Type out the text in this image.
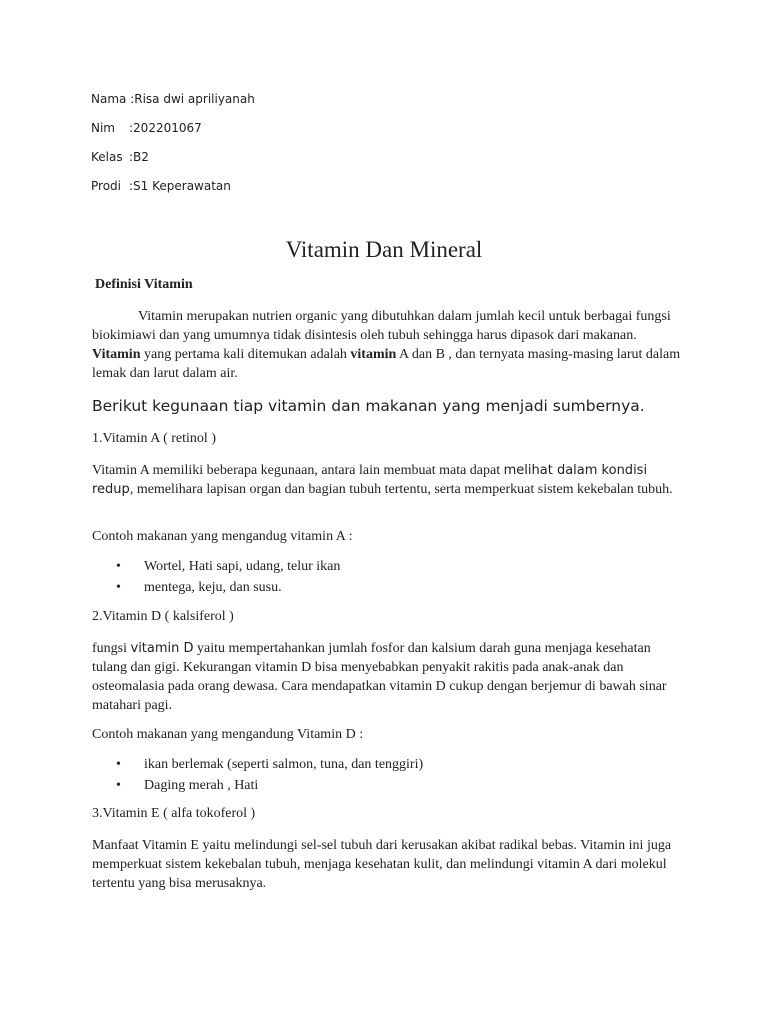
Nama
: Risa dwi apriliyanah
Nim	: 202201067
Kelas : B2
Prodi : S1 Keperawatan
Vitamin Dan Mineral
Definisi Vitamin
Vitamin merupakan nutrien organic yang dibutuhkan dalam jumlah kecil untuk berbagai fungsi biokimiawi dan yang umumnya tidak disintesis oleh tubuh sehingga harus dipasok dari makanan. Vitamin yang pertama kali ditemukan adalah vitamin A dan B , dan ternyata masing-masing larut dalam lemak dan larut dalam air.
Berikut kegunaan tiap vitamin dan makanan yang menjadi sumbernya.
1.Vitamin A ( retinol )
Vitamin A memiliki beberapa kegunaan, antara lain membuat mata dapat melihat dalam kondisi redup, memelihara lapisan organ dan bagian tubuh tertentu, serta memperkuat sistem kekebalan tubuh.
Contoh makanan yang mengandug vitamin A :
•
Wortel, Hati sapi, udang, telur ikan
•
mentega, keju, dan susu.
2.Vitamin D ( kalsiferol )
fungsi vitamin D yaitu mempertahankan jumlah fosfor dan kalsium darah guna menjaga kesehatan tulang dan gigi. Kekurangan vitamin D bisa menyebabkan penyakit rakitis pada anak-anak dan osteomalasia pada orang dewasa. Cara mendapatkan vitamin D cukup dengan berjemur di bawah sinar matahari pagi.
Contoh makanan yang mengandung Vitamin D :
•
ikan berlemak (seperti salmon, tuna, dan tenggiri)
•
Daging merah , Hati
3.Vitamin E ( alfa tokoferol )
Manfaat Vitamin E yaitu melindungi sel-sel tubuh dari kerusakan akibat radikal bebas. Vitamin ini juga memperkuat sistem kekebalan tubuh, menjaga kesehatan kulit, dan melindungi vitamin A dari molekul tertentu yang bisa merusaknya.
